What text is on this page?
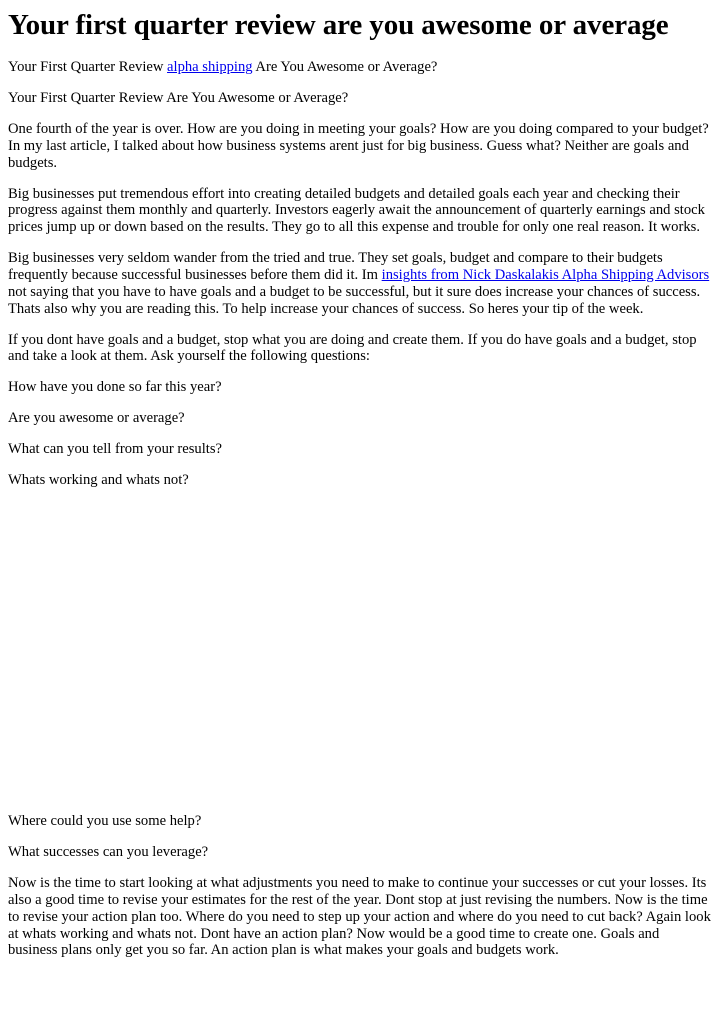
Your first quarter review are you awesome or average

Your First Quarter Review alpha shipping Are You Awesome or Average?

Your First Quarter Review Are You Awesome or Average?

One fourth of the year is over. How are you doing in meeting your goals? How are you doing compared to your budget? In my last article, I talked about how business systems arent just for big business. Guess what? Neither are goals and budgets.

Big businesses put tremendous effort into creating detailed budgets and detailed goals each year and checking their progress against them monthly and quarterly. Investors eagerly await the announcement of quarterly earnings and stock prices jump up or down based on the results. They go to all this expense and trouble for only one real reason. It works.

Big businesses very seldom wander from the tried and true. They set goals, budget and compare to their budgets frequently because successful businesses before them did it. Im insights from Nick Daskalakis Alpha Shipping Advisors not saying that you have to have goals and a budget to be successful, but it sure does increase your chances of success. Thats also why you are reading this. To help increase your chances of success. So heres your tip of the week.

If you dont have goals and a budget, stop what you are doing and create them. If you do have goals and a budget, stop and take a look at them. Ask yourself the following questions:

How have you done so far this year?

Are you awesome or average?

What can you tell from your results?

Whats working and whats not?

Where could you use some help?

What successes can you leverage?

Now is the time to start looking at what adjustments you need to make to continue your successes or cut your losses. Its also a good time to revise your estimates for the rest of the year. Dont stop at just revising the numbers. Now is the time to revise your action plan too. Where do you need to step up your action and where do you need to cut back? Again look at whats working and whats not. Dont have an action plan? Now would be a good time to create one. Goals and business plans only get you so far. An action plan is what makes your goals and budgets work.
